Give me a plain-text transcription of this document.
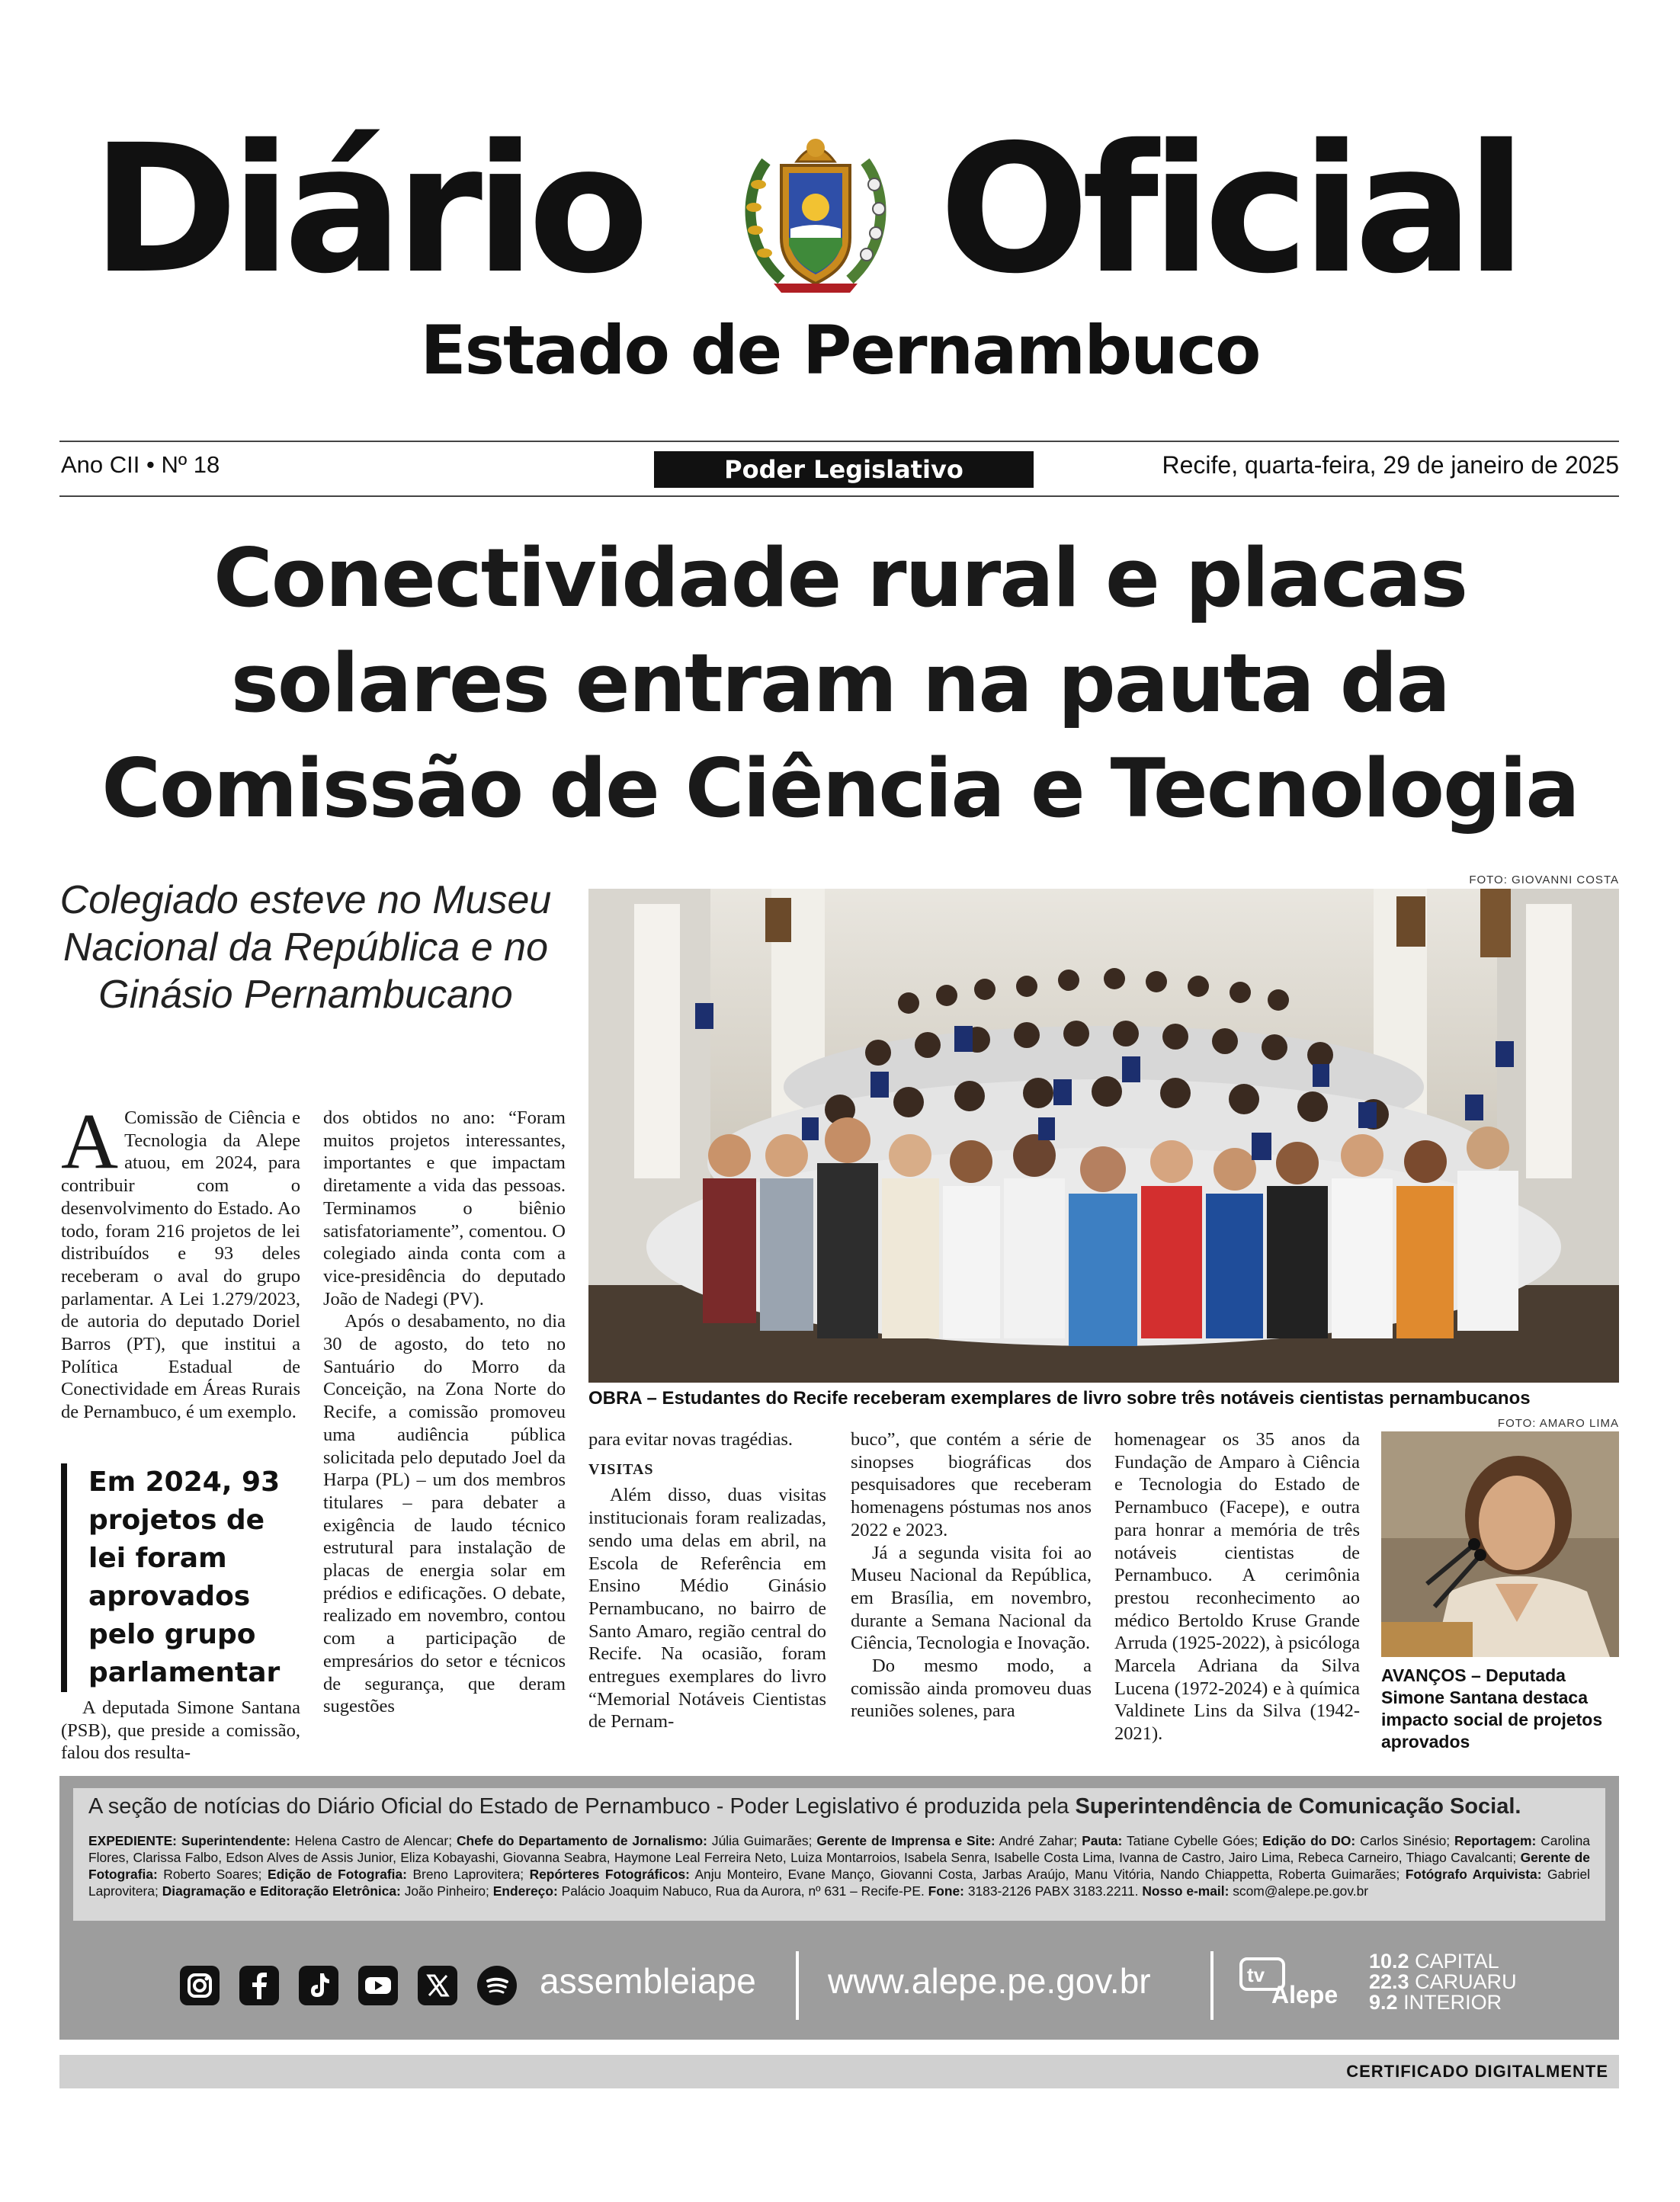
Diário Oficial
Estado de Pernambuco
Ano CII • Nº 18	Poder Legislativo	Recife, quarta-feira, 29 de janeiro de 2025
Conectividade rural e placas
solares entram na pauta da
Comissão de Ciência e Tecnologia
Colegiado esteve no Museu Nacional da República e no Ginásio Pernambucano
FOTO: GIOVANNI COSTA
OBRA – Estudantes do Recife receberam exemplares de livro sobre três notáveis cientistas pernambucanos

A Comissão de Ciência e Tecnologia da Alepe atuou, em 2024, para contribuir com o desenvolvimento do Estado. Ao todo, foram 216 projetos de lei distribuídos e 93 deles receberam o aval do grupo parlamentar. A Lei 1.279/2023, de autoria do deputado Doriel Barros (PT), que institui a Política Estadual de Conectividade em Áreas Rurais de Pernambuco, é um exemplo.

Em 2024, 93 projetos de lei foram aprovados pelo grupo parlamentar

A deputada Simone Santana (PSB), que preside a comissão, falou dos resulta-

dos obtidos no ano: “Foram muitos projetos interessantes, importantes e que impactam diretamente a vida das pessoas. Terminamos o biênio satisfatoriamente”, comentou. O colegiado ainda conta com a vice-presidência do deputado João de Nadegi (PV).

Após o desabamento, no dia 30 de agosto, do teto no Santuário do Morro da Conceição, na Zona Norte do Recife, a comissão promoveu uma audiência pública solicitada pelo deputado Joel da Harpa (PL) – um dos membros titulares – para debater a exigência de laudo técnico estrutural para instalação de placas de energia solar em prédios e edificações. O debate, realizado em novembro, contou com a participação de empresários do setor e técnicos de segurança, que deram sugestões

para evitar novas tragédias.

VISITAS

Além disso, duas visitas institucionais foram realizadas, sendo uma delas em abril, na Escola de Referência em Ensino Médio Ginásio Pernambucano, no bairro de Santo Amaro, região central do Recife. Na ocasião, foram entregues exemplares do livro “Memorial Notáveis Cientistas de Pernam-

buco”, que contém a série de sinopses biográficas dos pesquisadores que receberam homenagens póstumas nos anos 2022 e 2023.

Já a segunda visita foi ao Museu Nacional da República, em Brasília, em novembro, durante a Semana Nacional da Ciência, Tecnologia e Inovação.

Do mesmo modo, a comissão ainda promoveu duas reuniões solenes, para

homenagear os 35 anos da Fundação de Amparo à Ciência e Tecnologia do Estado de Pernambuco (Facepe), e outra para honrar a memória de três notáveis cientistas de Pernambuco. A cerimônia prestou reconhecimento ao médico Bertoldo Kruse Grande Arruda (1925-2022), à psicóloga Marcela Adriana da Silva Lucena (1972-2024) e à química Valdinete Lins da Silva (1942-2021).

FOTO: AMARO LIMA
AVANÇOS – Deputada Simone Santana destaca impacto social de projetos aprovados
A seção de notícias do Diário Oficial do Estado de Pernambuco - Poder Legislativo é produzida pela Superintendência de Comunicação Social.
EXPEDIENTE: Superintendente: Helena Castro de Alencar; Chefe do Departamento de Jornalismo: Júlia Guimarães; Gerente de Imprensa e Site: André Zahar; Pauta: Tatiane Cybelle Góes; Edição do DO: Carlos Sinésio; Reportagem: Carolina Flores, Clarissa Falbo, Edson Alves de Assis Junior, Eliza Kobayashi, Giovanna Seabra, Haymone Leal Ferreira Neto, Luiza Montarroios, Isabela Senra, Isabelle Costa Lima, Ivanna de Castro, Jairo Lima, Rebeca Carneiro, Thiago Cavalcanti; Gerente de Fotografia: Roberto Soares; Edição de Fotografia: Breno Laprovitera; Repórteres Fotográficos: Anju Monteiro, Evane Manço, Giovanni Costa, Jarbas Araújo, Manu Vitória, Nando Chiappetta, Roberta Guimarães; Fotógrafo Arquivista: Gabriel Laprovitera; Diagramação e Editoração Eletrônica: João Pinheiro; Endereço: Palácio Joaquim Nabuco, Rua da Aurora, nº 631 – Recife-PE. Fone: 3183-2126 PABX 3183.2211. Nosso e-mail: scom@alepe.pe.gov.br
assembleiape www.alepe.pe.gov.br	tv
Alepe
10.2 CAPITAL
22.3 CARUARU
9.2 INTERIOR
CERTIFICADO DIGITALMENTE
